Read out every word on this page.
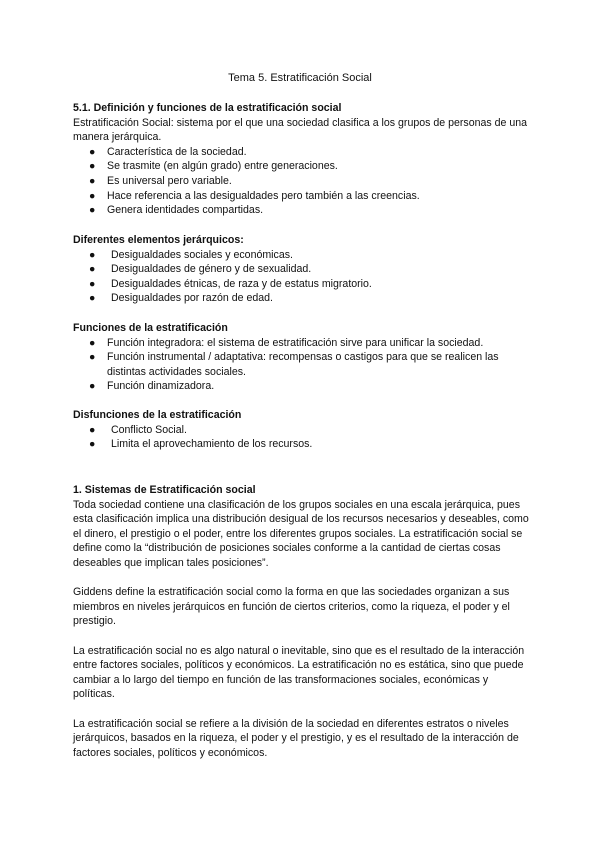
Tema 5. Estratificación Social

5.1. Definición y funciones de la estratificación social

Estratificación Social: sistema por el que una sociedad clasifica a los grupos de personas de una manera jerárquica.

● Característica de la sociedad.
● Se trasmite (en algún grado) entre generaciones.
● Es universal pero variable.
● Hace referencia a las desigualdades pero también a las creencias.
● Genera identidades compartidas.

Diferentes elementos jerárquicos:

● Desigualdades sociales y económicas.
● Desigualdades de género y de sexualidad.
● Desigualdades étnicas, de raza y de estatus migratorio.
● Desigualdades por razón de edad.

Funciones de la estratificación

● Función integradora: el sistema de estratificación sirve para unificar la sociedad.
● Función instrumental / adaptativa: recompensas o castigos para que se realicen las distintas actividades sociales.
● Función dinamizadora.

Disfunciones de la estratificación

● Conflicto Social.
● Limita el aprovechamiento de los recursos.

1. Sistemas de Estratificación social

Toda sociedad contiene una clasificación de los grupos sociales en una escala jerárquica, pues esta clasificación implica una distribución desigual de los recursos necesarios y deseables, como el dinero, el prestigio o el poder, entre los diferentes grupos sociales. La estratificación social se define como la “distribución de posiciones sociales conforme a la cantidad de ciertas cosas deseables que implican tales posiciones”.

Giddens define la estratificación social como la forma en que las sociedades organizan a sus miembros en niveles jerárquicos en función de ciertos criterios, como la riqueza, el poder y el prestigio.

La estratificación social no es algo natural o inevitable, sino que es el resultado de la interacción entre factores sociales, políticos y económicos. La estratificación no es estática, sino que puede cambiar a lo largo del tiempo en función de las transformaciones sociales, económicas y políticas.

La estratificación social se refiere a la división de la sociedad en diferentes estratos o niveles jerárquicos, basados en la riqueza, el poder y el prestigio, y es el resultado de la interacción de factores sociales, políticos y económicos.
